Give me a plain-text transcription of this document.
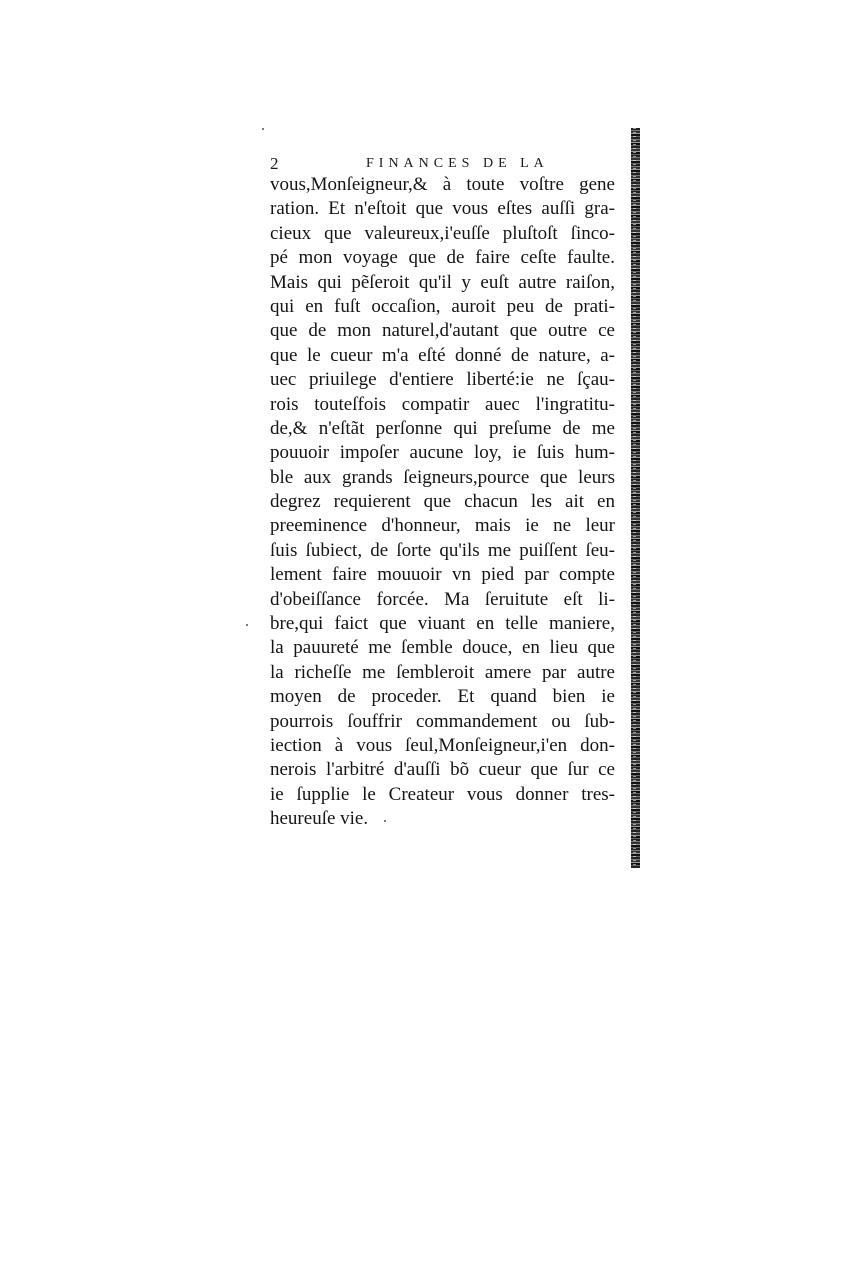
2	FINANCES DE LA
vous,Monſeigneur,& à toute voſtre gene
ration. Et n'eſtoit que vous eſtes auſſi gra-
cieux que valeureux,i'euſſe pluſtoſt ſinco-
pé mon voyage que de faire ceſte faulte.
Mais qui pẽſeroit qu'il y euſt autre raiſon,
qui en fuſt occaſion, auroit peu de prati-
que de mon naturel,d'autant que outre ce
que le cueur m'a eſté donné de nature, a-
uec priuilege d'entiere liberté:ie ne ſçau-
rois touteſfois compatir auec l'ingratitu-
de,& n'eſtãt perſonne qui preſume de me
pouuoir impoſer aucune loy, ie ſuis hum-
ble aux grands ſeigneurs,pource que leurs
degrez requierent que chacun les ait en
preeminence d'honneur, mais ie ne leur
ſuis ſubiect, de ſorte qu'ils me puiſſent ſeu-
lement faire mouuoir vn pied par compte
d'obeiſſance forcée. Ma ſeruitute eſt li-
bre,qui faict que viuant en telle maniere,
la pauureté me ſemble douce, en lieu que
la richeſſe me ſembleroit amere par autre
moyen de proceder. Et quand bien ie
pourrois ſouffrir commandement ou ſub-
iection à vous ſeul,Monſeigneur,i'en don-
nerois l'arbitré d'auſſi bõ cueur que ſur ce
ie ſupplie le Createur vous donner tres-
heureuſe vie.
